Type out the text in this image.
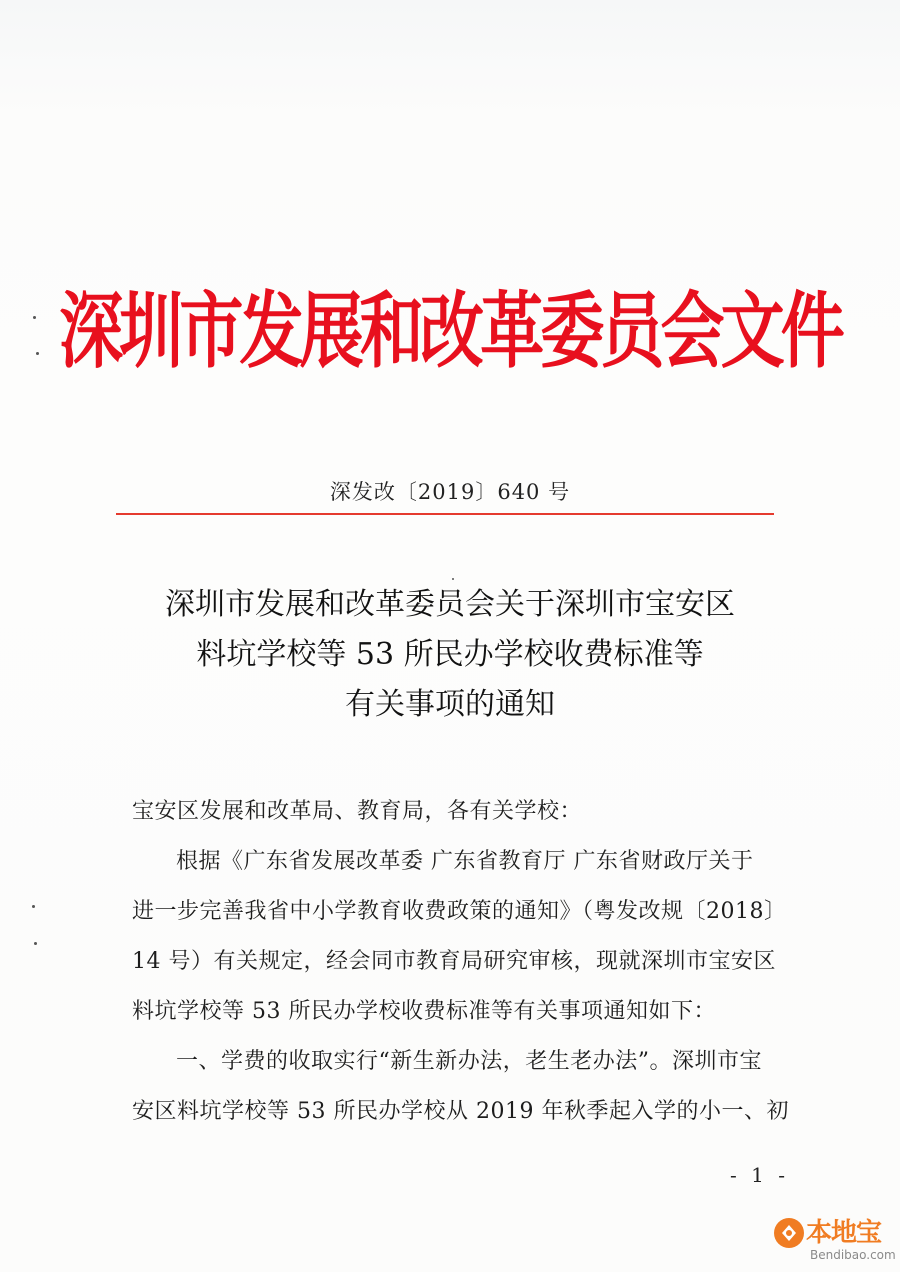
深圳市发展和改革委员会文件
深发改〔2019〕640 号
深圳市发展和改革委员会关于深圳市宝安区
料坑学校等 53 所民办学校收费标准等
有关事项的通知
宝安区发展和改革局、教育局，各有关学校：
根据《广东省发展改革委 广东省教育厅 广东省财政厅关于
进一步完善我省中小学教育收费政策的通知》（粤发改规〔2018〕
14 号）有关规定，经会同市教育局研究审核，现就深圳市宝安区
料坑学校等 53 所民办学校收费标准等有关事项通知如下：
一、学费的收取实行“新生新办法，老生老办法”。深圳市宝
安区料坑学校等 53 所民办学校从 2019 年秋季起入学的小一、初
- 1 -
本地宝
Bendibao.com
